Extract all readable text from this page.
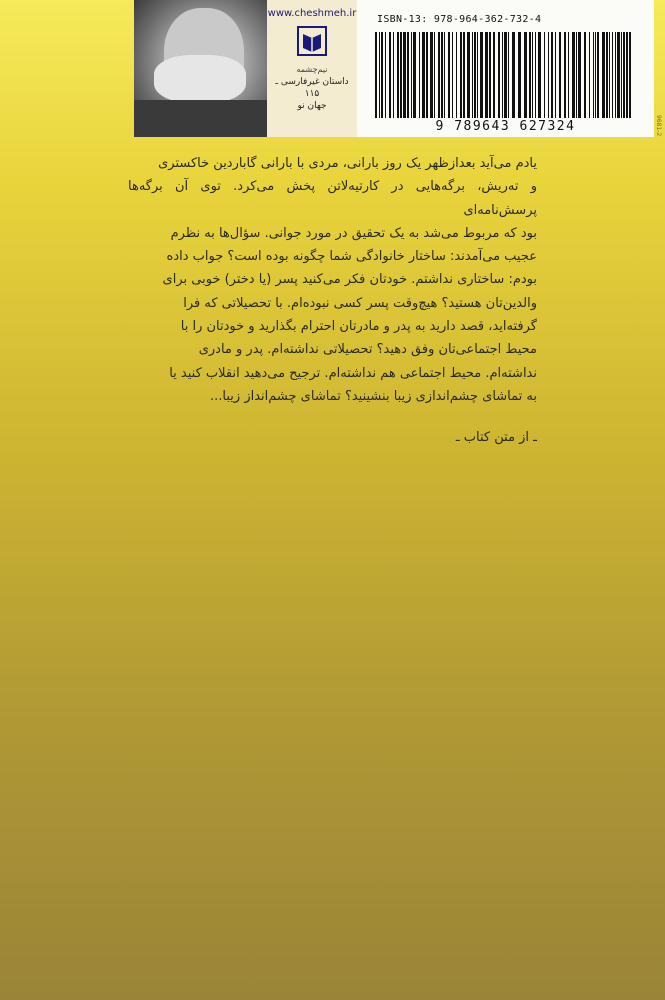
www.cheshmeh.ir
نیم‌چشمه
داستان غیرفارسی ـ ۱۱۵
جهان نو
ISBN-13: 978-964-362-732-4
9 789643 627324	9681-2
یادم می‌آید بعدازظهر یک روز بارانی، مردی با بارانی گاباردین خاکستری
و ته‌ریش، برگه‌هایی در کارتیه‌لاتن پخش می‌کرد. توی آن برگه‌ها پرسش‌نامه‌ای
بود که مربوط می‌شد به یک تحقیق در مورد جوانی. سؤال‌ها به نظرم
عجیب می‌آمدند: ساختار خانوادگی شما چگونه بوده است؟ جواب داده
بودم: ساختاری نداشتم. خودتان فکر می‌کنید پسر (یا دختر) خوبی برای
والدین‌تان هستید؟ هیچ‌وقت پسر کسی نبوده‌ام. با تحصیلاتی که فرا
گرفته‌اید، قصد دارید به پدر و مادرتان احترام بگذارید و خودتان را با
محیط اجتماعی‌تان وفق دهید؟ تحصیلاتی نداشته‌ام. پدر و مادری
نداشته‌ام. محیط اجتماعی هم نداشته‌ام. ترجیح می‌دهید انقلاب کنید یا
به تماشای چشم‌اندازی زیبا بنشینید؟ تماشای چشم‌انداز زیبا...
ـ از متن کتاب ـ
